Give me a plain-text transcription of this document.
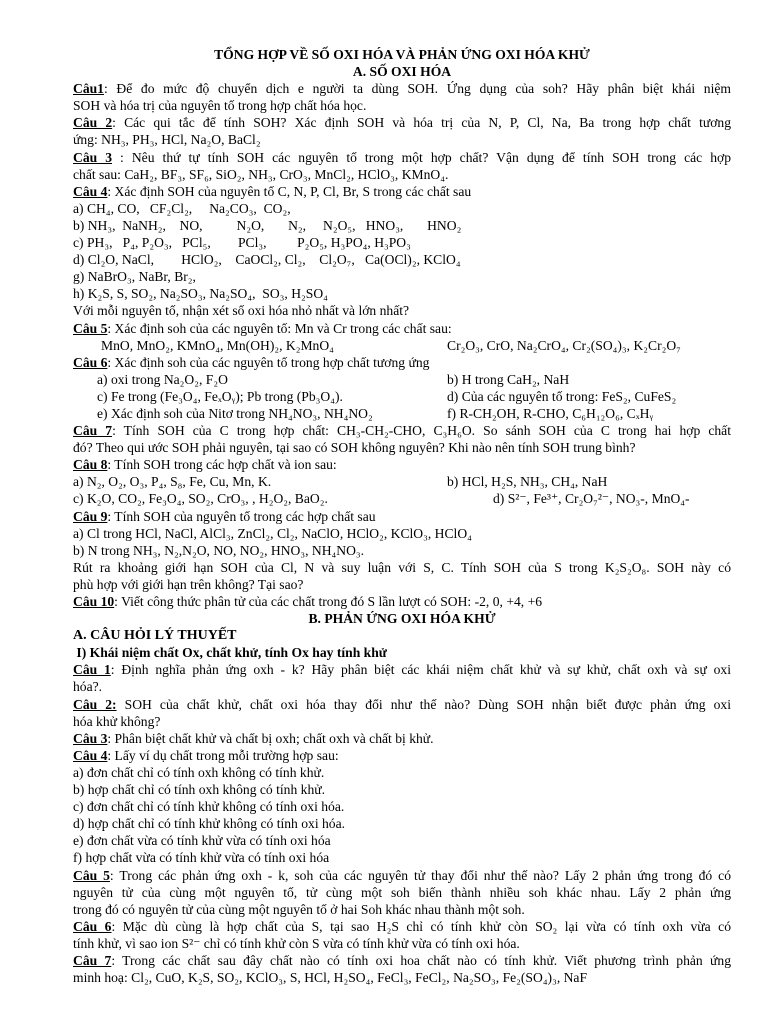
TỔNG HỢP VỀ SỐ OXI HÓA VÀ PHẢN ỨNG OXI HÓA KHỬ
A. SỐ OXI HÓA
Câu1: Để đo mức độ chuyển dịch e người ta dùng SOH. Ứng dụng của soh? Hãy phân biệt khái niệm
SOH và hóa trị của nguyên tố trong hợp chất hóa học.
Câu 2: Các qui tắc để tính SOH? Xác định SOH và hóa trị của N, P, Cl, Na, Ba trong hợp chất tương
ứng: NH₃, PH₃, HCl, Na₂O, BaCl₂
Câu 3 : Nêu thứ tự tính SOH các nguyên tố trong một hợp chất? Vận dụng để tính SOH trong các hợp
chất sau: CaH₂, BF₃, SF₆, SiO₂, NH₃, CrO₃, MnCl₂, HClO₃, KMnO₄.
Câu 4: Xác định SOH của nguyên tố C, N, P, Cl, Br, S trong các chất sau
a) CH₄, CO,   CF₂Cl₂,     Na₂CO₃,  CO₂,
b) NH₃,  NaNH₂,    NO,          N₂O,       N₂,     N₂O₅,   HNO₃,       HNO₂
c) PH₃,   P₄, P₂O₃,   PCl₅,        PCl₃,         P₂O₅, H₃PO₄, H₃PO₃
d) Cl₂O, NaCl,        HClO₂,    CaOCl₂, Cl₂,    Cl₂O₇,   Ca(OCl)₂, KClO₄
g) NaBrO₃, NaBr, Br₂,
h) K₂S, S, SO₂, Na₂SO₃, Na₂SO₄,  SO₃, H₂SO₄
Với mỗi nguyên tố, nhận xét số oxi hóa nhỏ nhất và lớn nhất?
Câu 5: Xác định soh của các nguyên tố: Mn và Cr trong các chất sau:
MnO, MnO₂, KMnO₄, Mn(OH)₂, K₂MnO₄	Cr₂O₃, CrO, Na₂CrO₄, Cr₂(SO₄)₃, K₂Cr₂O₇
Câu 6: Xác định soh của các nguyên tố trong hợp chất tương ứng
a) oxi trong Na₂O₂, F₂O	b) H trong CaH₂, NaH
c) Fe trong (Fe₃O₄, FeₓOᵧ); Pb trong (Pb₃O₄).	d) Của các nguyên tố trong: FeS₂, CuFeS₂
e) Xác định soh của Nitơ trong NH₄NO₃, NH₄NO₂	f) R-CH₂OH, R-CHO, C₆H₁₂O₆, CₓHᵧ
Câu 7: Tính SOH của C trong hợp chất: CH₃-CH₂-CHO, C₃H₆O. So sánh SOH của C trong hai hợp chất
đó? Theo qui ước SOH phải nguyên, tại sao có SOH không nguyên? Khi nào nên tính SOH trung bình?
Câu 8: Tính SOH trong các hợp chất và ion sau:
a) N₂, O₂, O₃, P₄, S₈, Fe, Cu, Mn, K.	b) HCl, H₂S, NH₃, CH₄, NaH
c) K₂O, CO₂, Fe₃O₄, SO₂, CrO₃, , H₂O₂, BaO₂.	d) S²⁻, Fe³⁺, Cr₂O₇²⁻, NO₃-, MnO₄-
Câu 9: Tính SOH của nguyên tố trong các hợp chất sau
a) Cl trong HCl, NaCl, AlCl₃, ZnCl₂, Cl₂, NaClO, HClO₂, KClO₃, HClO₄
b) N trong NH₃, N₂,N₂O, NO, NO₂, HNO₃, NH₄NO₃.
Rút ra khoảng giới hạn SOH của Cl, N và suy luận với S, C. Tính SOH của S trong K₂S₂O₈. SOH này có
phù hợp với giới hạn trên không? Tại sao?
Câu 10: Viết công thức phân tử của các chất trong đó S lần lượt có SOH: -2, 0, +4, +6
B. PHẢN ỨNG OXI HÓA KHỬ
A. CÂU HỎI LÝ THUYẾT
I) Khái niệm chất Ox, chất khử, tính Ox hay tính khử
Câu 1: Định nghĩa phản ứng oxh - k? Hãy phân biệt các khái niệm chất khử và sự khử, chất oxh và sự oxi
hóa?.
Câu 2: SOH của chất khử, chất oxi hóa thay đổi như thế nào? Dùng SOH nhận biết được phản ứng oxi
hóa khử không?
Câu 3: Phân biệt chất khử và chất bị oxh; chất oxh và chất bị khử.
Câu 4: Lấy ví dụ chất trong mỗi trường hợp sau:
a) đơn chất chỉ có tính oxh không có tính khử.
b) hợp chất chỉ có tính oxh không có tính khử.
c) đơn chất chỉ có tính khử không có tính oxi hóa.
d) hợp chất chỉ có tính khử không có tính oxi hóa.
e) đơn chất vừa có tính khử vừa có tính oxi hóa
f) hợp chất vừa có tính khử vừa có tính oxi hóa
Câu 5: Trong các phản ứng oxh - k, soh của các nguyên tử thay đổi như thế nào? Lấy 2 phản ứng trong đó có
nguyên tử của cùng một nguyên tố, tử cùng một soh biến thành nhiều soh khác nhau. Lấy 2 phản ứng
trong đó có nguyên tử của cùng một nguyên tố ở hai Soh khác nhau thành một soh.
Câu 6: Mặc dù cùng là hợp chất của S, tại sao H₂S chỉ có tính khử còn SO₂ lại vừa có tính oxh vừa có
tính khử, vì sao ion S²⁻ chỉ có tính khử còn S vừa có tính khử vừa có tính oxi hóa.
Câu 7: Trong các chất sau đây chất nào có tính oxi hoa chất nào có tính khử. Viết phương trình phản ứng
minh hoạ: Cl₂, CuO, K₂S, SO₂, KClO₃, S, HCl, H₂SO₄, FeCl₃, FeCl₂, Na₂SO₃, Fe₂(SO₄)₃, NaF
